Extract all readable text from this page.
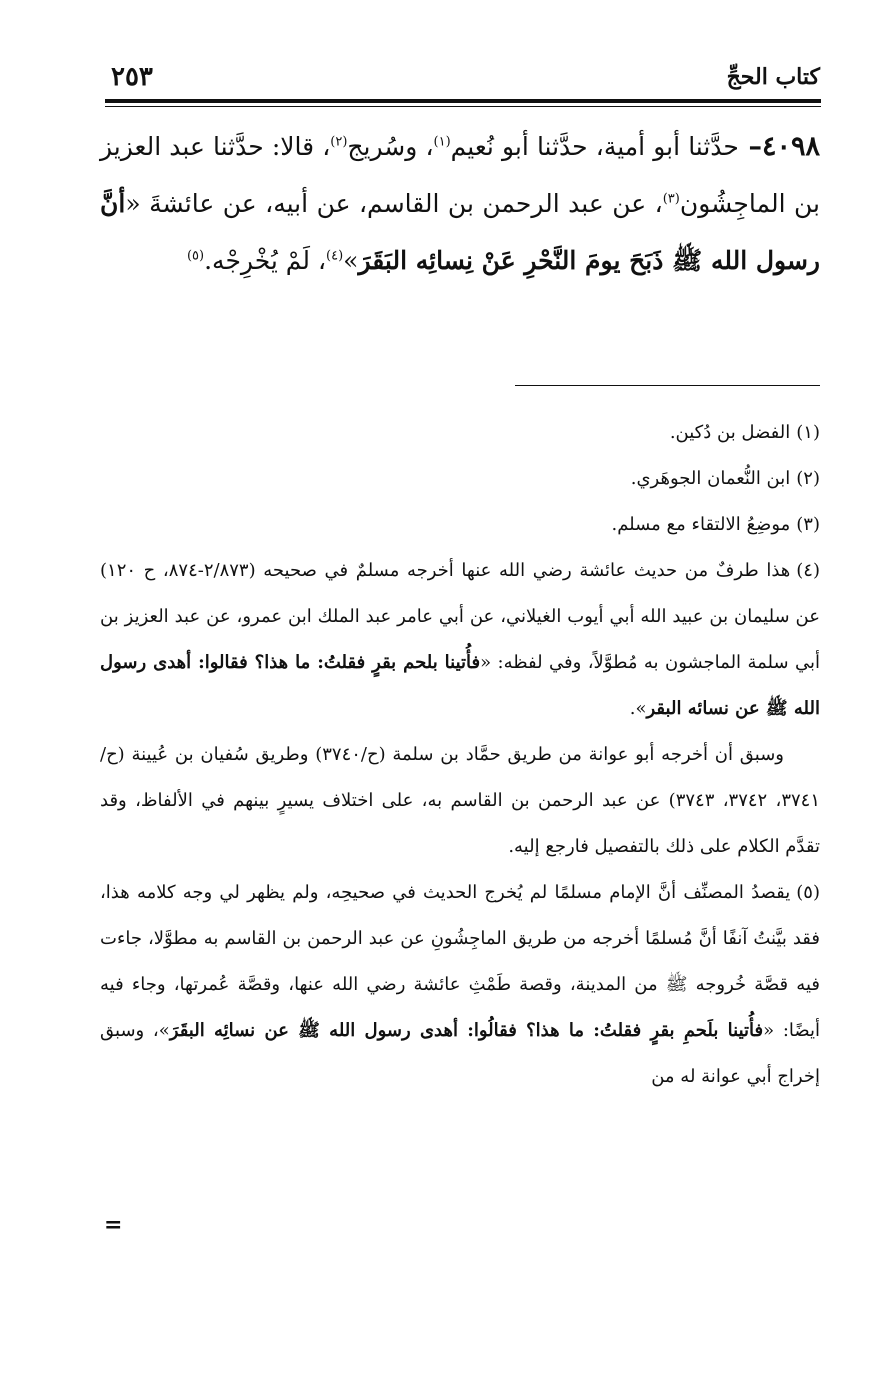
كتاب الحجِّ
٢٥٣
٤٠٩٨– حدَّثنا أبو أمية، حدَّثنا أبو نُعيم$^{(١)}$، وسُريج$^{(٢)}$، قالا: حدَّثنا عبد العزيز بن الماجِشُون$^{(٣)}$، عن عبد الرحمن بن القاسم، عن أبيه، عن عائشةَ «أنَّ رسول الله ﷺ ذَبَحَ يومَ النَّحْرِ عَنْ نِسائِه البَقَرَ»$^{(٤)}$، لَمْ يُخْرِجْه.$^{(٥)}$
(١)الفضل بن دُكين.
(٢)ابن النُّعمان الجوهَري.
(٣)موضِعُ الالتقاء مع مسلم.
(٤)هذا طرفٌ من حديث عائشة رضي الله عنها أخرجه مسلمٌ في صحيحه (٢/٨٧٣-٨٧٤، ح ١٢٠) عن سليمان بن عبيد الله أبي أيوب الغيلاني، عن أبي عامر عبد الملك ابن عمرو، عن عبد العزيز بن أبي سلمة الماجشون به مُطوَّلاً، وفي لفظه: «فأُتينا بلحم بقرٍ فقلتُ: ما هذا؟ فقالوا: أهدى رسول الله ﷺ عن نسائه البقر».
وسبق أن أخرجه أبو عوانة من طريق حمَّاد بن سلمة (ح/٣٧٤٠) وطريق سُفيان بن عُيينة (ح/٣٧٤١، ٣٧٤٢، ٣٧٤٣) عن عبد الرحمن بن القاسم به، على اختلاف يسيرٍ بينهم في الألفاظ، وقد تقدَّم الكلام على ذلك بالتفصيل فارجع إليه.
(٥)يقصدُ المصنِّف أنَّ الإمام مسلمًا لم يُخرج الحديث في صحيحِه، ولم يظهر لي وجه كلامه هذا، فقد بيَّنتُ آنفًا أنَّ مُسلمًا أخرجه من طريق الماجِشُونِ عن عبد الرحمن بن القاسم به مطوَّلا، جاءت فيه قصَّة خُروجه ﷺ من المدينة، وقصة طَمْثِ عائشة رضي الله عنها، وقصَّة عُمرتها، وجاء فيه أيضًا: «فأُتينا بلَحمِ بقرٍ فقلتُ: ما هذا؟ فقالُوا: أهدى رسول الله ﷺ عن نسائِه البقَرَ»، وسبق إخراج أبي عوانة له من
=
